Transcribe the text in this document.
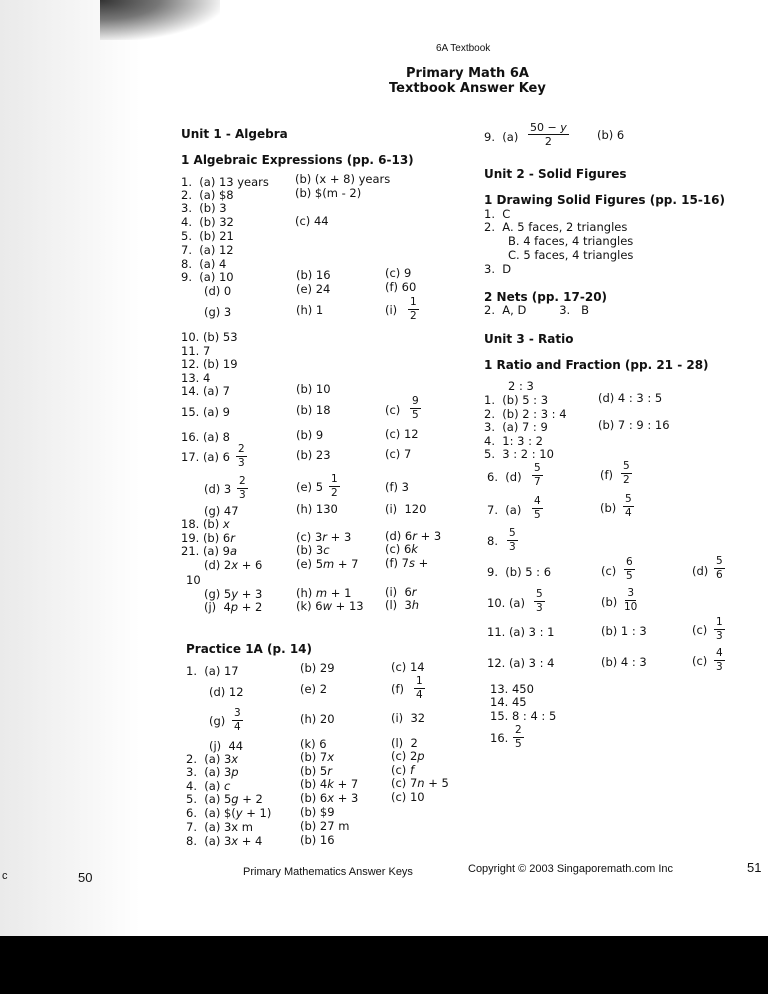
6A Textbook
Primary Math 6A
Textbook Answer Key
Unit 1 - Algebra
1 Algebraic Expressions (pp. 6-13)
1.  (a) 13 years (b) (x + 8) years
2.  (a) $8	(b) $(m - 2)
3.  (b) 3
4.  (b) 32	(c) 44
5.  (b) 21
7.  (a) 12
8.  (a) 4
9.  (a) 10	(b) 16	(c) 9
(d) 0	(e) 24	(f) 60
(g) 3	(h) 1	$(i) \frac{1}{2}$
10. (b) 53
11. 7
12. (b) 19
13. 4
14. (a) 7	(b) 10
15. (a) 9	(b) 18	$(c) \frac{9}{5}$
16. (a) 8	(b) 9	(c) 12
17. (a) $6 \frac{2}{3}$	(b) 23	(c) 7
(d) $3 \frac{2}{3}$	(e) $5 \frac{1}{2}$	(f) 3
(g) 47	(h) 130	(i)  120
18. (b) x
19. (b) 6r	(c) 3r + 3	(d) 6r + 3
21. (a) 9a	(b) 3c	(c) 6k
(d) 2x + 6	(e) 5m + 7 (f) 7s +
10
(g) 5y + 3	(h) m + 1	(i)  6r
(j)  4p + 2	(k) 6w + 13 (l)  3h
Practice 1A (p. 14)
1.  (a) 17	(b) 29	(c) 14
(d) 12	(e) 2	$(f) \frac{1}{4}$
$(g) \frac{3}{4}$	(h) 20	(i)  32
(j)  44	(k) 6	(l)  2
2.  (a) 3x	(b) 7x	(c) 2p
3.  (a) 3p	(b) 5r	(c) f
4.  (a) c	(b) 4k + 7	(c) 7n + 5
5.  (a) 5g + 2	(b) 6x + 3	(c) 10
6.  (a) $(y + 1) (b) $9
7.  (a) 3x m	(b) 27 m
8.  (a) 3x + 4	(b) 16
9.  $(a) \frac{50 - y}{2} (b)$ 6
Unit 2 - Solid Figures
1 Drawing Solid Figures (pp. 15-16)
1.  C
2.  A. 5 faces, 2 triangles
B. 4 faces, 4 triangles
C. 5 faces, 4 triangles
3.  D
2 Nets (pp. 17-20)
2.  A, D         3.   B
Unit 3 - Ratio
1 Ratio and Fraction (pp. 21 - 28)
2 : 3
1.  (b) 5 : 3	(d) 4 : 3 : 5
2.  (b) 2 : 3 : 4
3.  (a) 7 : 9	(b) 7 : 9 : 16
4.  1: 3 : 2
5.  3 : 2 : 10
6.  $(d) \frac{5}{7}$	$(f) \frac{5}{2}$
7.  $(a) \frac{4}{5}$	$(b) \frac{5}{4}$
8. $\frac{5}{3}$
9.  (b) 5 : 6	$(c) \frac{6}{5}$	$(d) \frac{5}{6}$
10. $(a) \frac{5}{3}$	$(b) \frac{3}{10}$
11. (a) 3 : 1	(b) 1 : 3	$(c) \frac{1}{3}$
12. (a) 3 : 4	(b) 4 : 3	$(c) \frac{4}{3}$
13. 450
14. 45
15. 8 : 4 : 5
16. $\frac{2}{5}$
c	50	Primary Mathematics Answer Keys	Copyright © 2003 Singaporemath.com Inc	51
